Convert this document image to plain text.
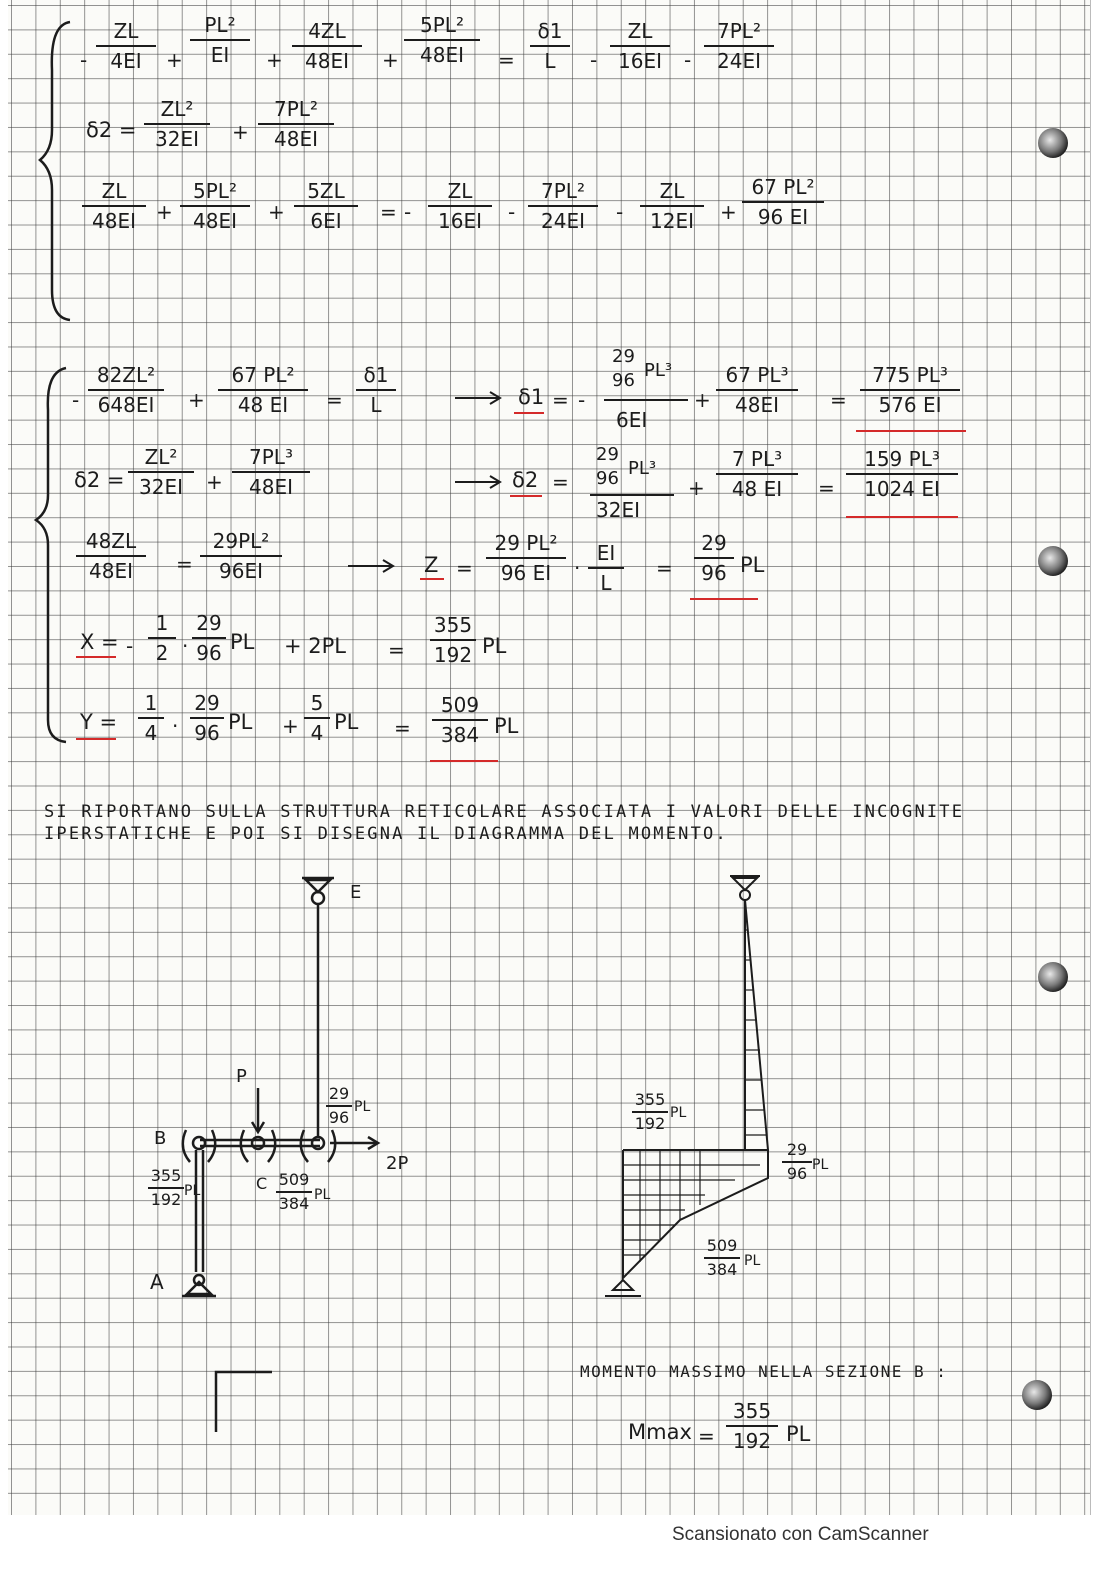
-
ZL
4EI	+
PL²
EI	+
4ZL
48EI	+
5PL²
48EI	=
δ1
L	-
ZL
16EI	-
7PL²
24EI
δ2 =
ZL²
32EI	+
7PL²
48EI
ZL
48EI	+
5PL²
48EI	+
5ZL
6EI	= -
ZL
16EI	-
7PL²
24EI	-
ZL
12EI	+
67 PL²
96 EI
-
82ZL²
648EI	+
67 PL²
48 EI	=
δ1
L	δ1 = -
29
96 PL³
6EI
+
67 PL³
48EI	=
775 PL³
576 EI
δ2 =
ZL²
32EI	+
7PL³
48EI	δ2 =
29
96 PL³
32EI
+
7 PL³
48 EI	=
159 PL³
1024 EI
48ZL
48EI	=
29PL²
96EI	Z =
29 PL²
96 EI	·
EI
L
=
29
96 PL
X = -
1
2 ·
29
96 PL + 2PL =
355
192 PL
Y =
1
4 ·
29
96 PL +
5
4 PL =
509
384 PL
SI RIPORTANO SULLA STRUTTURA RETICOLARE ASSOCIATA I VALORI DELLE INCOGNITE
IPERSTATICHE E POI SI DISEGNA IL DIAGRAMMA DEL MOMENTO.
E
P
B
C
A
2P
355
192 PL
509
384 PL
29
96
PL	355
192
PL
29
96 PL
509
384 PL
MOMENTO MASSIMO NELLA SEZIONE B :
Mmax =
355
192 PL
Scansionato con CamScanner
